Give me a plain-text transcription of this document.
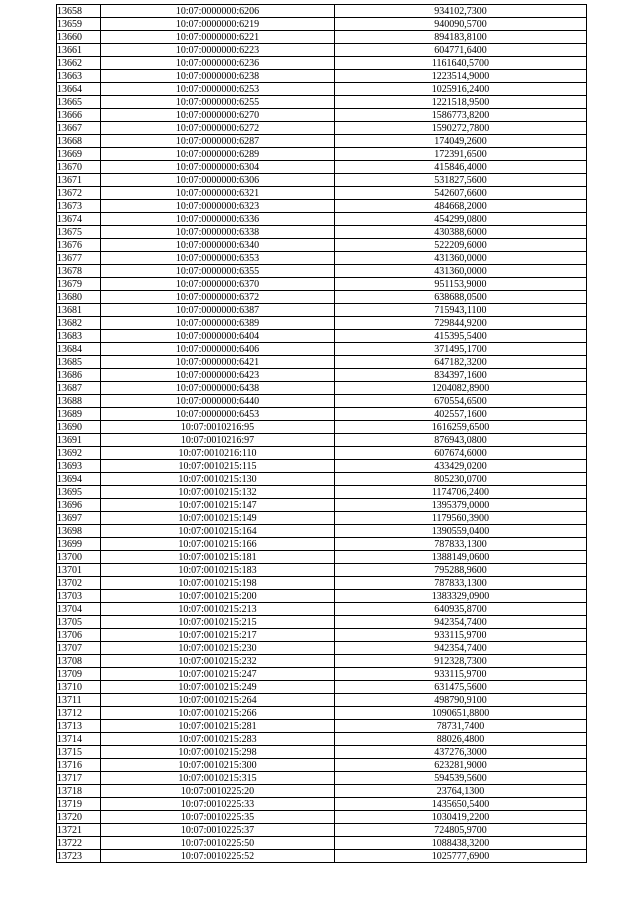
13658	10:07:0000000:6206	934102,7300
13659	10:07:0000000:6219	940090,5700
13660	10:07:0000000:6221	894183,8100
13661	10:07:0000000:6223	604771,6400
13662	10:07:0000000:6236	1161640,5700
13663	10:07:0000000:6238	1223514,9000
13664	10:07:0000000:6253	1025916,2400
13665	10:07:0000000:6255	1221518,9500
13666	10:07:0000000:6270	1586773,8200
13667	10:07:0000000:6272	1590272,7800
13668	10:07:0000000:6287	174049,2600
13669	10:07:0000000:6289	172391,6500
13670	10:07:0000000:6304	415846,4000
13671	10:07:0000000:6306	531827,5600
13672	10:07:0000000:6321	542607,6600
13673	10:07:0000000:6323	484668,2000
13674	10:07:0000000:6336	454299,0800
13675	10:07:0000000:6338	430388,6000
13676	10:07:0000000:6340	522209,6000
13677	10:07:0000000:6353	431360,0000
13678	10:07:0000000:6355	431360,0000
13679	10:07:0000000:6370	951153,9000
13680	10:07:0000000:6372	638688,0500
13681	10:07:0000000:6387	715943,1100
13682	10:07:0000000:6389	729844,9200
13683	10:07:0000000:6404	415395,5400
13684	10:07:0000000:6406	371495,1700
13685	10:07:0000000:6421	647182,3200
13686	10:07:0000000:6423	834397,1600
13687	10:07:0000000:6438	1204082,8900
13688	10:07:0000000:6440	670554,6500
13689	10:07:0000000:6453	402557,1600
13690	10:07:0010216:95	1616259,6500
13691	10:07:0010216:97	876943,0800
13692	10:07:0010216:110	607674,6000
13693	10:07:0010215:115	433429,0200
13694	10:07:0010215:130	805230,0700
13695	10:07:0010215:132	1174706,2400
13696	10:07:0010215:147	1395379,0000
13697	10:07:0010215:149	1179560,3900
13698	10:07:0010215:164	1390559,0400
13699	10:07:0010215:166	787833,1300
13700	10:07:0010215:181	1388149,0600
13701	10:07:0010215:183	795288,9600
13702	10:07:0010215:198	787833,1300
13703	10:07:0010215:200	1383329,0900
13704	10:07:0010215:213	640935,8700
13705	10:07:0010215:215	942354,7400
13706	10:07:0010215:217	933115,9700
13707	10:07:0010215:230	942354,7400
13708	10:07:0010215:232	912328,7300
13709	10:07:0010215:247	933115,9700
13710	10:07:0010215:249	631475,5600
13711	10:07:0010215:264	498790,9100
13712	10:07:0010215:266	1090651,8800
13713	10:07:0010215:281	78731,7400
13714	10:07:0010215:283	88026,4800
13715	10:07:0010215:298	437276,3000
13716	10:07:0010215:300	623281,9000
13717	10:07:0010215:315	594539,5600
13718	10:07:0010225:20	23764,1300
13719	10:07:0010225:33	1435650,5400
13720	10:07:0010225:35	1030419,2200
13721	10:07:0010225:37	724805,9700
13722	10:07:0010225:50	1088438,3200
13723	10:07:0010225:52	1025777,6900
